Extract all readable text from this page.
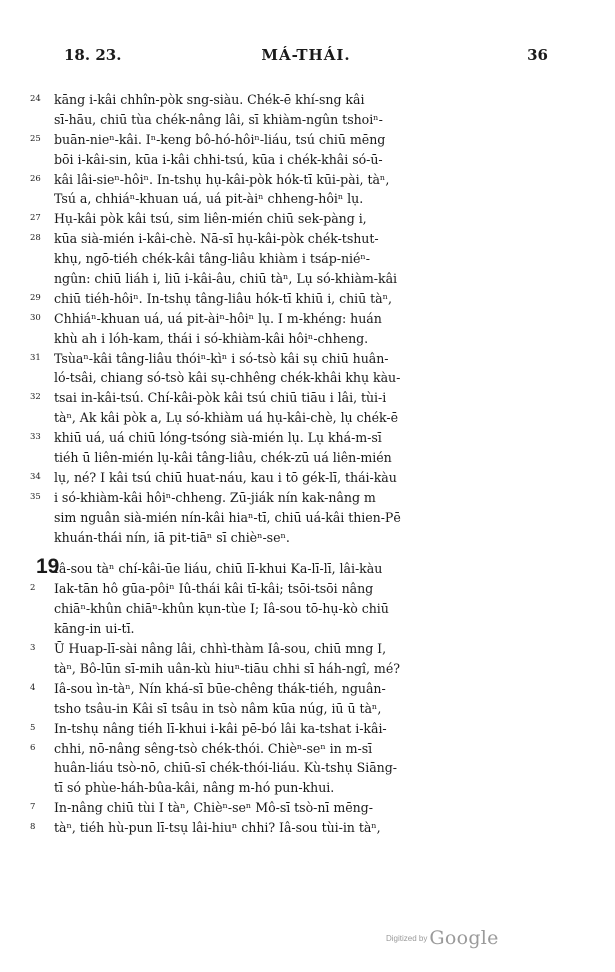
18. 23.	MÁ-THÁI.	36
24	kāng i-kâi chhîn-pòk sng-siàu. Chék-ē khí-sng kâi
sī-hāu, chiū tùa chék-nâng lâi, sī khiàm-ngûn tshoiⁿ-
25	buān-nieⁿ-kâi. Iⁿ-keng bô-hó-hôiⁿ-liáu, tsú chiū mēng
bōi i-kâi-sin, kūa i-kâi chhi-tsú, kūa i chék-khâi só-ū-
26	kâi lâi-sieⁿ-hôiⁿ. In-tshụ hụ-kâi-pòk hók-tī kūi-pài, tàⁿ,
Tsú a, chhiáⁿ-khuan uá, uá pit-àiⁿ chheng-hôiⁿ lụ.
27	Hụ-kâi pòk kâi tsú, sim liên-mién chiū sek-pàng i,
28	kūa sià-mién i-kâi-chè. Nā-sī hụ-kâi-pòk chék-tshut-
khụ, ngō-tiéh chék-kâi tâng-liâu khiàm i tsáp-niéⁿ-
ngûn: chiū liáh i, liū i-kâi-âu, chiū tàⁿ, Lụ só-khiàm-kâi
29	chiū tiéh-hôiⁿ. In-tshụ tâng-liâu hók-tī khiū i, chiū tàⁿ,
30	Chhiáⁿ-khuan uá, uá pit-àiⁿ-hôiⁿ lụ. I m-khéng: huán
khù ah i lóh-kam, thái i só-khiàm-kâi hôiⁿ-chheng.
31	Tsùaⁿ-kâi tâng-liâu thóiⁿ-kìⁿ i só-tsò kâi sụ chiū huân-
ló-tsâi, chiang só-tsò kâi sụ-chhêng chék-khâi khụ kàu-
32	tsai in-kâi-tsú. Chí-kâi-pòk kâi tsú chiū tiāu i lâi, tùi-i
tàⁿ, Ak kâi pòk a, Lụ só-khiàm uá hụ-kâi-chè, lụ chék-ē
33	khiū uá, uá chiū lóng-tsóng sià-mién lụ. Lụ khá-m-sī
tiéh ū liên-mién lụ-kâi tâng-liâu, chék-zū uá liên-mién
34	lụ, né? I kâi tsú chiū huat-náu, kau i tō gék-lī, thái-kàu
35	i só-khiàm-kâi hôiⁿ-chheng. Zū-jiák nín kak-nâng m
sim nguân sià-mién nín-kâi hiaⁿ-tī, chiū uá-kâi thien-Pē
khuán-thái nín, iā pit-tiāⁿ sī chièⁿ-seⁿ.
19
Iâ-sou tàⁿ chí-kâi-ūe liáu, chiū lī-khui Ka-lī-lī, lâi-kàu
2	Iak-tān hô gūa-pôiⁿ Iû-thái kâi tī-kâi; tsōi-tsōi nâng
chiāⁿ-khûn chiāⁿ-khûn kụn-tùe I; Iâ-sou tō-hụ-kò chiū
kāng-in ui-tī.
3	Ū Huap-lī-sài nâng lâi, chhì-thàm Iâ-sou, chiū mng I,
tàⁿ, Bô-lūn sī-mih uân-kù hiuⁿ-tiāu chhi sī háh-ngî, mé?
4	Iâ-sou ìn-tàⁿ, Nín khá-sī būe-chêng thák-tiéh, nguân-
tsho tsâu-in Kâi sī tsâu in tsò nâm kūa núg, iū ū tàⁿ,
5	In-tshụ nâng tiéh lī-khui i-kâi pē-bó lâi ka-tshat i-kâi-
6	chhi, nō-nâng sêng-tsò chék-thói. Chièⁿ-seⁿ in m-sī
huân-liáu tsò-nō, chiū-sī chék-thói-liáu. Kù-tshụ Siāng-
tī só phùe-háh-bûa-kâi, nâng m-hó pun-khui.
7	In-nâng chiū tùi I tàⁿ, Chièⁿ-seⁿ Mô-sī tsò-nī mēng-
8	tàⁿ, tiéh hù-pun lī-tsụ lâi-hiuⁿ chhi? Iâ-sou tùi-in tàⁿ,
Digitized by Google
